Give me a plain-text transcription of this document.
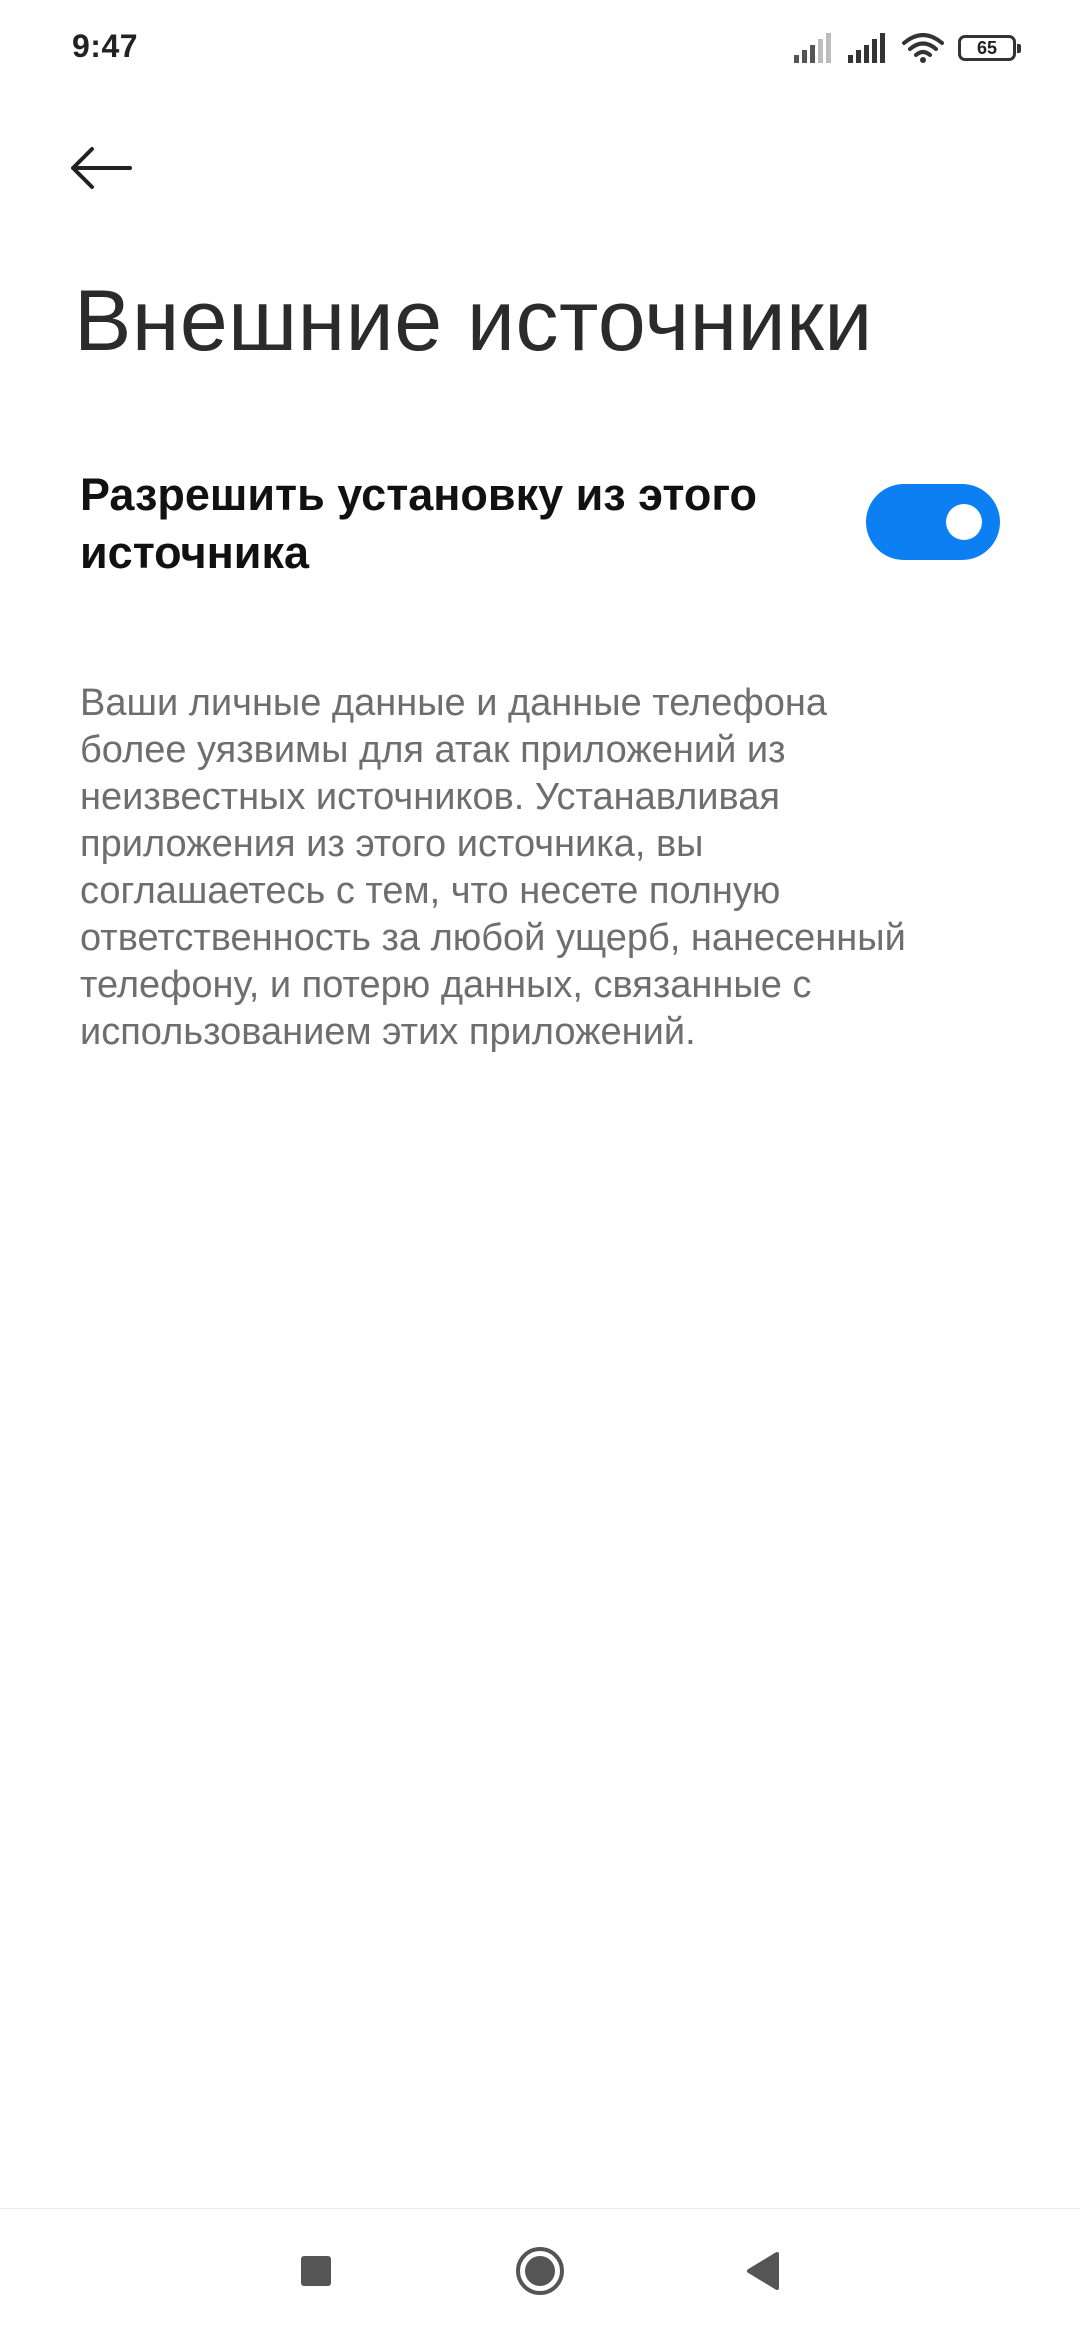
9:47	65
Внешние источники
Разрешить установку из этого источника
Ваши личные данные и данные телефона более уязвимы для атак приложений из неизвестных источников. Устанавливая приложения из этого источника, вы соглашаетесь с тем, что несете полную ответственность за любой ущерб, нанесенный телефону, и потерю данных, связанные с использованием этих приложений.
